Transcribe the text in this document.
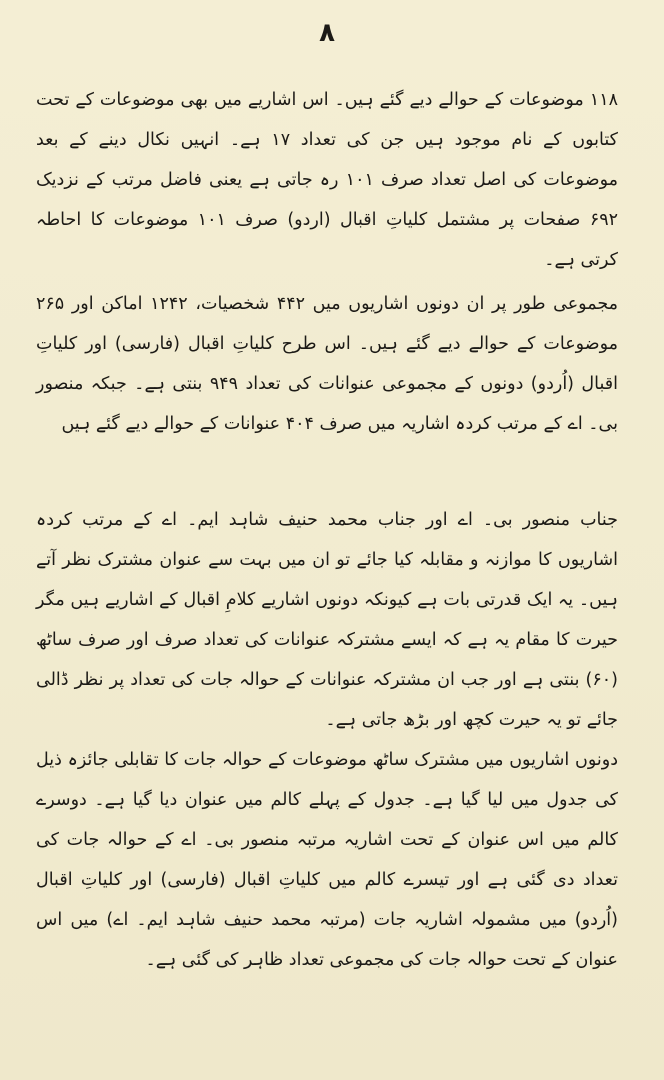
٨

۱۱۸ موضوعات کے حوالے دیے گئے ہیں۔ اس اشاریے میں بھی موضوعات کے تحت کتابوں کے نام موجود ہیں جن کی تعداد ۱۷ ہے۔ انہیں نکال دینے کے بعد موضوعات کی اصل تعداد صرف ۱۰۱ رہ جاتی ہے یعنی فاضل مرتب کے نزدیک ۶۹۲ صفحات پر مشتمل کلیاتِ اقبال (اردو) صرف ۱۰۱ موضوعات کا احاطہ کرتی ہے۔

مجموعی طور پر ان دونوں اشاریوں میں ۴۴۲ شخصیات، ۱۲۴۲ اماکن اور ۲۶۵ موضوعات کے حوالے دیے گئے ہیں۔ اس طرح کلیاتِ اقبال (فارسی) اور کلیاتِ اقبال (اُردو) دونوں کے مجموعی عنوانات کی تعداد ۹۴۹ بنتی ہے۔ جبکہ منصور بی۔ اے کے مرتب کردہ اشاریہ میں صرف ۴۰۴ عنوانات کے حوالے دیے گئے ہیں

جناب منصور بی۔ اے اور جناب محمد حنیف شاہد ایم۔ اے کے مرتب کردہ اشاریوں کا موازنہ و مقابلہ کیا جائے تو ان میں بہت سے عنوان مشترک نظر آتے ہیں۔ یہ ایک قدرتی بات ہے کیونکہ دونوں اشاریے کلامِ اقبال کے اشاریے ہیں مگر حیرت کا مقام یہ ہے کہ ایسے مشترکہ عنوانات کی تعداد صرف اور صرف ساٹھ (۶۰) بنتی ہے اور جب ان مشترکہ عنوانات کے حوالہ جات کی تعداد پر نظر ڈالی جائے تو یہ حیرت کچھ اور بڑھ جاتی ہے۔

دونوں اشاریوں میں مشترک ساٹھ موضوعات کے حوالہ جات کا تقابلی جائزہ ذیل کی جدول میں لیا گیا ہے۔ جدول کے پہلے کالم میں عنوان دیا گیا ہے۔ دوسرے کالم میں اس عنوان کے تحت اشاریہ مرتبہ منصور بی۔ اے کے حوالہ جات کی تعداد دی گئی ہے اور تیسرے کالم میں کلیاتِ اقبال (فارسی) اور کلیاتِ اقبال (اُردو) میں مشمولہ اشاریہ جات (مرتبہ محمد حنیف شاہد ایم۔ اے) میں اس عنوان کے تحت حوالہ جات کی مجموعی تعداد ظاہر کی گئی ہے۔
